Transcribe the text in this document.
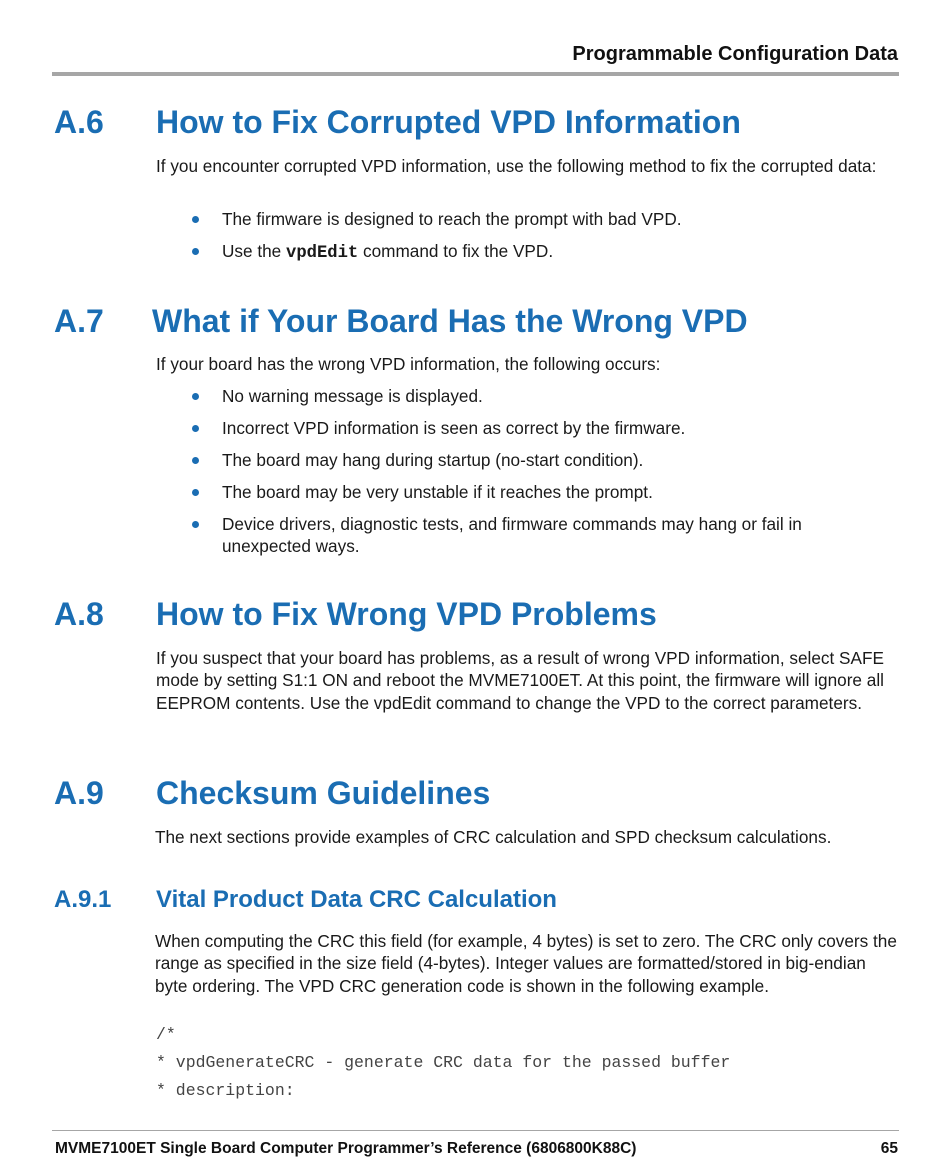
Programmable Configuration Data
A.6 How to Fix Corrupted VPD Information

If you encounter corrupted VPD information, use the following method to fix the corrupted data:

The firmware is designed to reach the prompt with bad VPD.
Use the vpdEdit command to fix the VPD.
A.7 What if Your Board Has the Wrong VPD

If your board has the wrong VPD information, the following occurs:

No warning message is displayed.
Incorrect VPD information is seen as correct by the firmware.
The board may hang during startup (no-start condition).
The board may be very unstable if it reaches the prompt.
Device drivers, diagnostic tests, and firmware commands may hang or fail in
unexpected ways.
A.8 How to Fix Wrong VPD Problems

If you suspect that your board has problems, as a result of wrong VPD information, select SAFE mode by setting S1:1 ON and reboot the MVME7100ET. At this point, the firmware will ignore all EEPROM contents. Use the vpdEdit command to change the VPD to the correct parameters.

A.9 Checksum Guidelines

The next sections provide examples of CRC calculation and SPD checksum calculations.

A.9.1 Vital Product Data CRC Calculation

When computing the CRC this field (for example, 4 bytes) is set to zero. The CRC only covers the range as specified in the size field (4-bytes). Integer values are formatted/stored in big-endian byte ordering. The VPD CRC generation code is shown in the following example.

/*
* vpdGenerateCRC - generate CRC data for the passed buffer
* description:
MVME7100ET Single Board Computer Programmer’s Reference (6806800K88C)	65
